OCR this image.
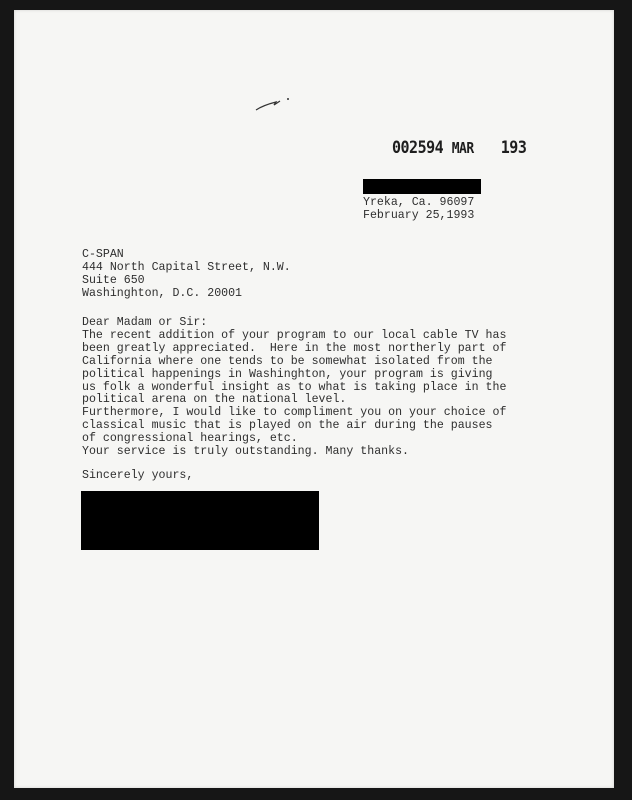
002594 MAR 193
Yreka, Ca. 96097
February 25,1993
C-SPAN
444 North Capital Street, N.W.
Suite 650
Washinghton, D.C. 20001
Dear Madam or Sir:
The recent addition of your program to our local cable TV has
been greatly appreciated.  Here in the most northerly part of
California where one tends to be somewhat isolated from the
political happenings in Washinghton, your program is giving
us folk a wonderful insight as to what is taking place in the
political arena on the national level.
Furthermore, I would like to compliment you on your choice of
classical music that is played on the air during the pauses
of congressional hearings, etc.
Your service is truly outstanding. Many thanks.
Sincerely yours,
